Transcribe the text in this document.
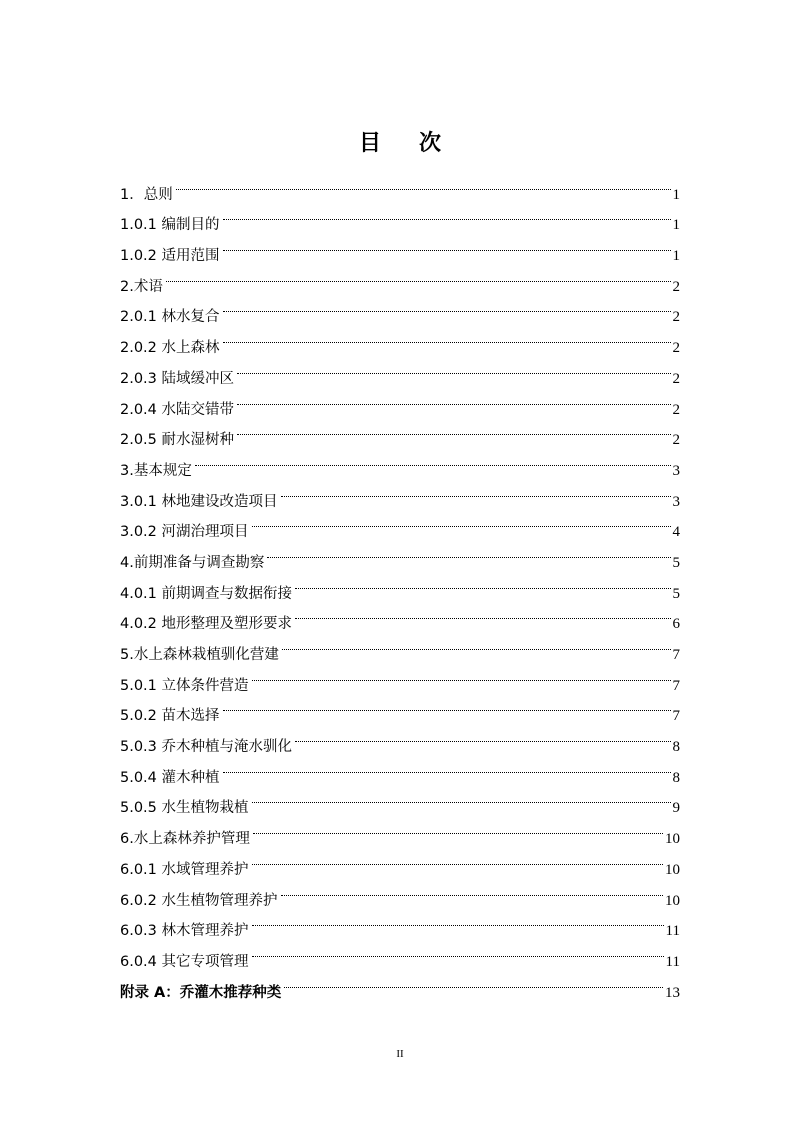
目 次
1．总则	1
1.0.1 编制目的	1
1.0.2 适用范围	1
2.术语	2
2.0.1 林水复合	2
2.0.2 水上森林	2
2.0.3 陆域缓冲区	2
2.0.4 水陆交错带	2
2.0.5 耐水湿树种	2
3.基本规定	3
3.0.1 林地建设改造项目	3
3.0.2 河湖治理项目	4
4.前期准备与调查勘察	5
4.0.1 前期调查与数据衔接	5
4.0.2 地形整理及塑形要求	6
5.水上森林栽植驯化营建	7
5.0.1 立体条件营造	7
5.0.2 苗木选择	7
5.0.3 乔木种植与淹水驯化	8
5.0.4 灌木种植	8
5.0.5 水生植物栽植	9
6.水上森林养护管理	10
6.0.1 水域管理养护	10
6.0.2 水生植物管理养护	10
6.0.3 林木管理养护	11
6.0.4 其它专项管理	11
附录 A：乔灌木推荐种类	13
II
